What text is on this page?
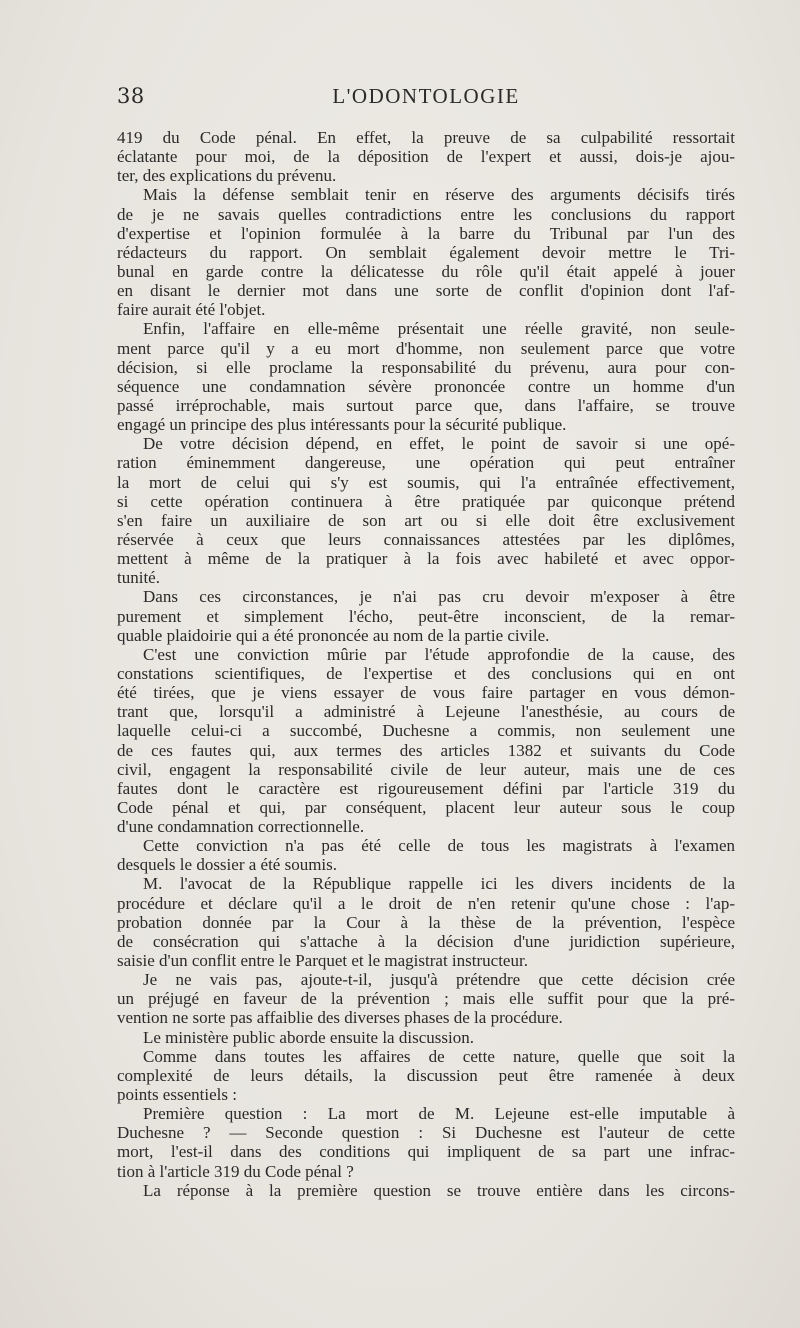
38	L'ODONTOLOGIE
419 du Code pénal. En effet, la preuve de sa culpabilité ressortait
éclatante pour moi, de la déposition de l'expert et aussi, dois-je ajou-
ter, des explications du prévenu.
Mais la défense semblait tenir en réserve des arguments décisifs tirés
de je ne savais quelles contradictions entre les conclusions du rapport
d'expertise et l'opinion formulée à la barre du Tribunal par l'un des
rédacteurs du rapport. On semblait également devoir mettre le Tri-
bunal en garde contre la délicatesse du rôle qu'il était appelé à jouer
en disant le dernier mot dans une sorte de conflit d'opinion dont l'af-
faire aurait été l'objet.
Enfin, l'affaire en elle-même présentait une réelle gravité, non seule-
ment parce qu'il y a eu mort d'homme, non seulement parce que votre
décision, si elle proclame la responsabilité du prévenu, aura pour con-
séquence une condamnation sévère prononcée contre un homme d'un
passé irréprochable, mais surtout parce que, dans l'affaire, se trouve
engagé un principe des plus intéressants pour la sécurité publique.
De votre décision dépend, en effet, le point de savoir si une opé-
ration éminemment dangereuse, une opération qui peut entraîner
la mort de celui qui s'y est soumis, qui l'a entraînée effectivement,
si cette opération continuera à être pratiquée par quiconque prétend
s'en faire un auxiliaire de son art ou si elle doit être exclusivement
réservée à ceux que leurs connaissances attestées par les diplômes,
mettent à même de la pratiquer à la fois avec habileté et avec oppor-
tunité.
Dans ces circonstances, je n'ai pas cru devoir m'exposer à être
purement et simplement l'écho, peut-être inconscient, de la remar-
quable plaidoirie qui a été prononcée au nom de la partie civile.
C'est une conviction mûrie par l'étude approfondie de la cause, des
constations scientifiques, de l'expertise et des conclusions qui en ont
été tirées, que je viens essayer de vous faire partager en vous démon-
trant que, lorsqu'il a administré à Lejeune l'anesthésie, au cours de
laquelle celui-ci a succombé, Duchesne a commis, non seulement une
de ces fautes qui, aux termes des articles 1382 et suivants du Code
civil, engagent la responsabilité civile de leur auteur, mais une de ces
fautes dont le caractère est rigoureusement défini par l'article 319 du
Code pénal et qui, par conséquent, placent leur auteur sous le coup
d'une condamnation correctionnelle.
Cette conviction n'a pas été celle de tous les magistrats à l'examen
desquels le dossier a été soumis.
M. l'avocat de la République rappelle ici les divers incidents de la
procédure et déclare qu'il a le droit de n'en retenir qu'une chose : l'ap-
probation donnée par la Cour à la thèse de la prévention, l'espèce
de consécration qui s'attache à la décision d'une juridiction supérieure,
saisie d'un conflit entre le Parquet et le magistrat instructeur.
Je ne vais pas, ajoute-t-il, jusqu'à prétendre que cette décision crée
un préjugé en faveur de la prévention ; mais elle suffit pour que la pré-
vention ne sorte pas affaiblie des diverses phases de la procédure.
Le ministère public aborde ensuite la discussion.
Comme dans toutes les affaires de cette nature, quelle que soit la
complexité de leurs détails, la discussion peut être ramenée à deux
points essentiels :
Première question : La mort de M. Lejeune est-elle imputable à
Duchesne ? — Seconde question : Si Duchesne est l'auteur de cette
mort, l'est-il dans des conditions qui impliquent de sa part une infrac-
tion à l'article 319 du Code pénal ?
La réponse à la première question se trouve entière dans les circons-
